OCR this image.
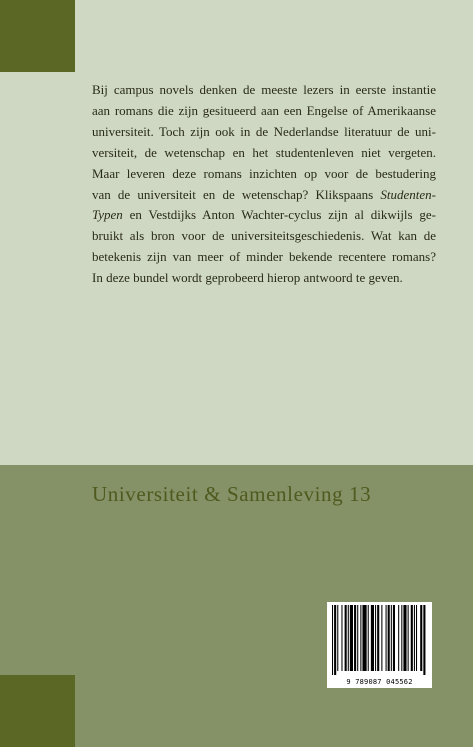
Bij campus novels denken de meeste lezers in eerste instantie
aan romans die zijn gesitueerd aan een Engelse of Amerikaanse
universiteit. Toch zijn ook in de Nederlandse literatuur de uni-
versiteit, de wetenschap en het studentenleven niet vergeten.
Maar leveren deze romans inzichten op voor de bestudering
van de universiteit en de wetenschap? Klikspaans Studenten-
Typen en Vestdijks Anton Wachter-cyclus zijn al dikwijls ge-
bruikt als bron voor de universiteitsgeschiedenis. Wat kan de
betekenis zijn van meer of minder bekende recentere romans?
In deze bundel wordt geprobeerd hierop antwoord te geven.
Universiteit & Samenleving 13
9 789087 045562
